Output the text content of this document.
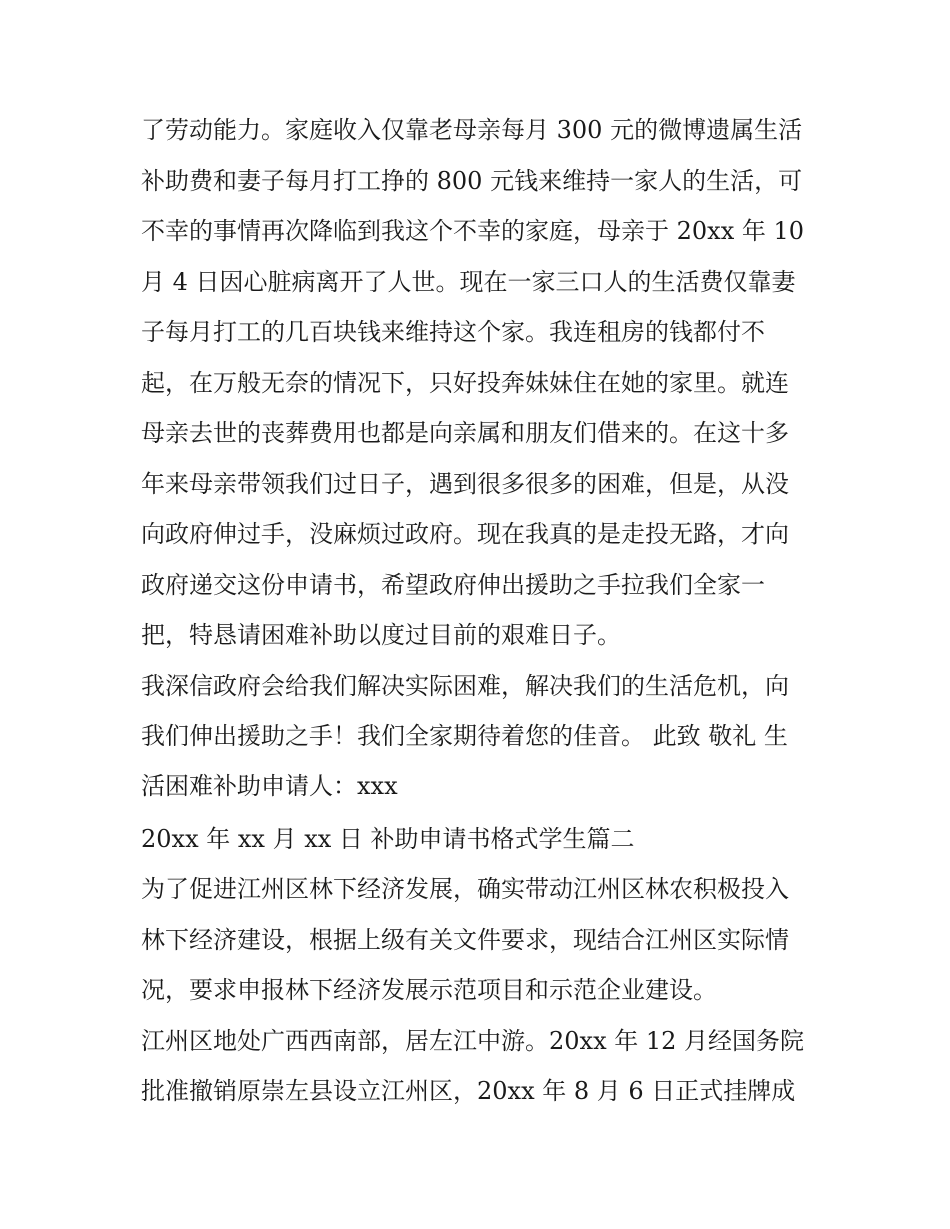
了劳动能力。家庭收入仅靠老母亲每月 300 元的微博遗属生活
补助费和妻子每月打工挣的 800 元钱来维持一家人的生活，可
不幸的事情再次降临到我这个不幸的家庭，母亲于 20xx 年 10
月 4 日因心脏病离开了人世。现在一家三口人的生活费仅靠妻
子每月打工的几百块钱来维持这个家。我连租房的钱都付不
起，在万般无奈的情况下，只好投奔妹妹住在她的家里。就连
母亲去世的丧葬费用也都是向亲属和朋友们借来的。在这十多
年来母亲带领我们过日子，遇到很多很多的困难，但是，从没
向政府伸过手，没麻烦过政府。现在我真的是走投无路，才向
政府递交这份申请书，希望政府伸出援助之手拉我们全家一
把，特恳请困难补助以度过目前的艰难日子。
我深信政府会给我们解决实际困难，解决我们的生活危机，向
我们伸出援助之手！我们全家期待着您的佳音。 此致 敬礼 生
活困难补助申请人：xxx
20xx 年 xx 月 xx 日 补助申请书格式学生篇二
为了促进江州区林下经济发展，确实带动江州区林农积极投入
林下经济建设，根据上级有关文件要求，现结合江州区实际情
况，要求申报林下经济发展示范项目和示范企业建设。
江州区地处广西西南部，居左江中游。20xx 年 12 月经国务院
批准撤销原崇左县设立江州区，20xx 年 8 月 6 日正式挂牌成
